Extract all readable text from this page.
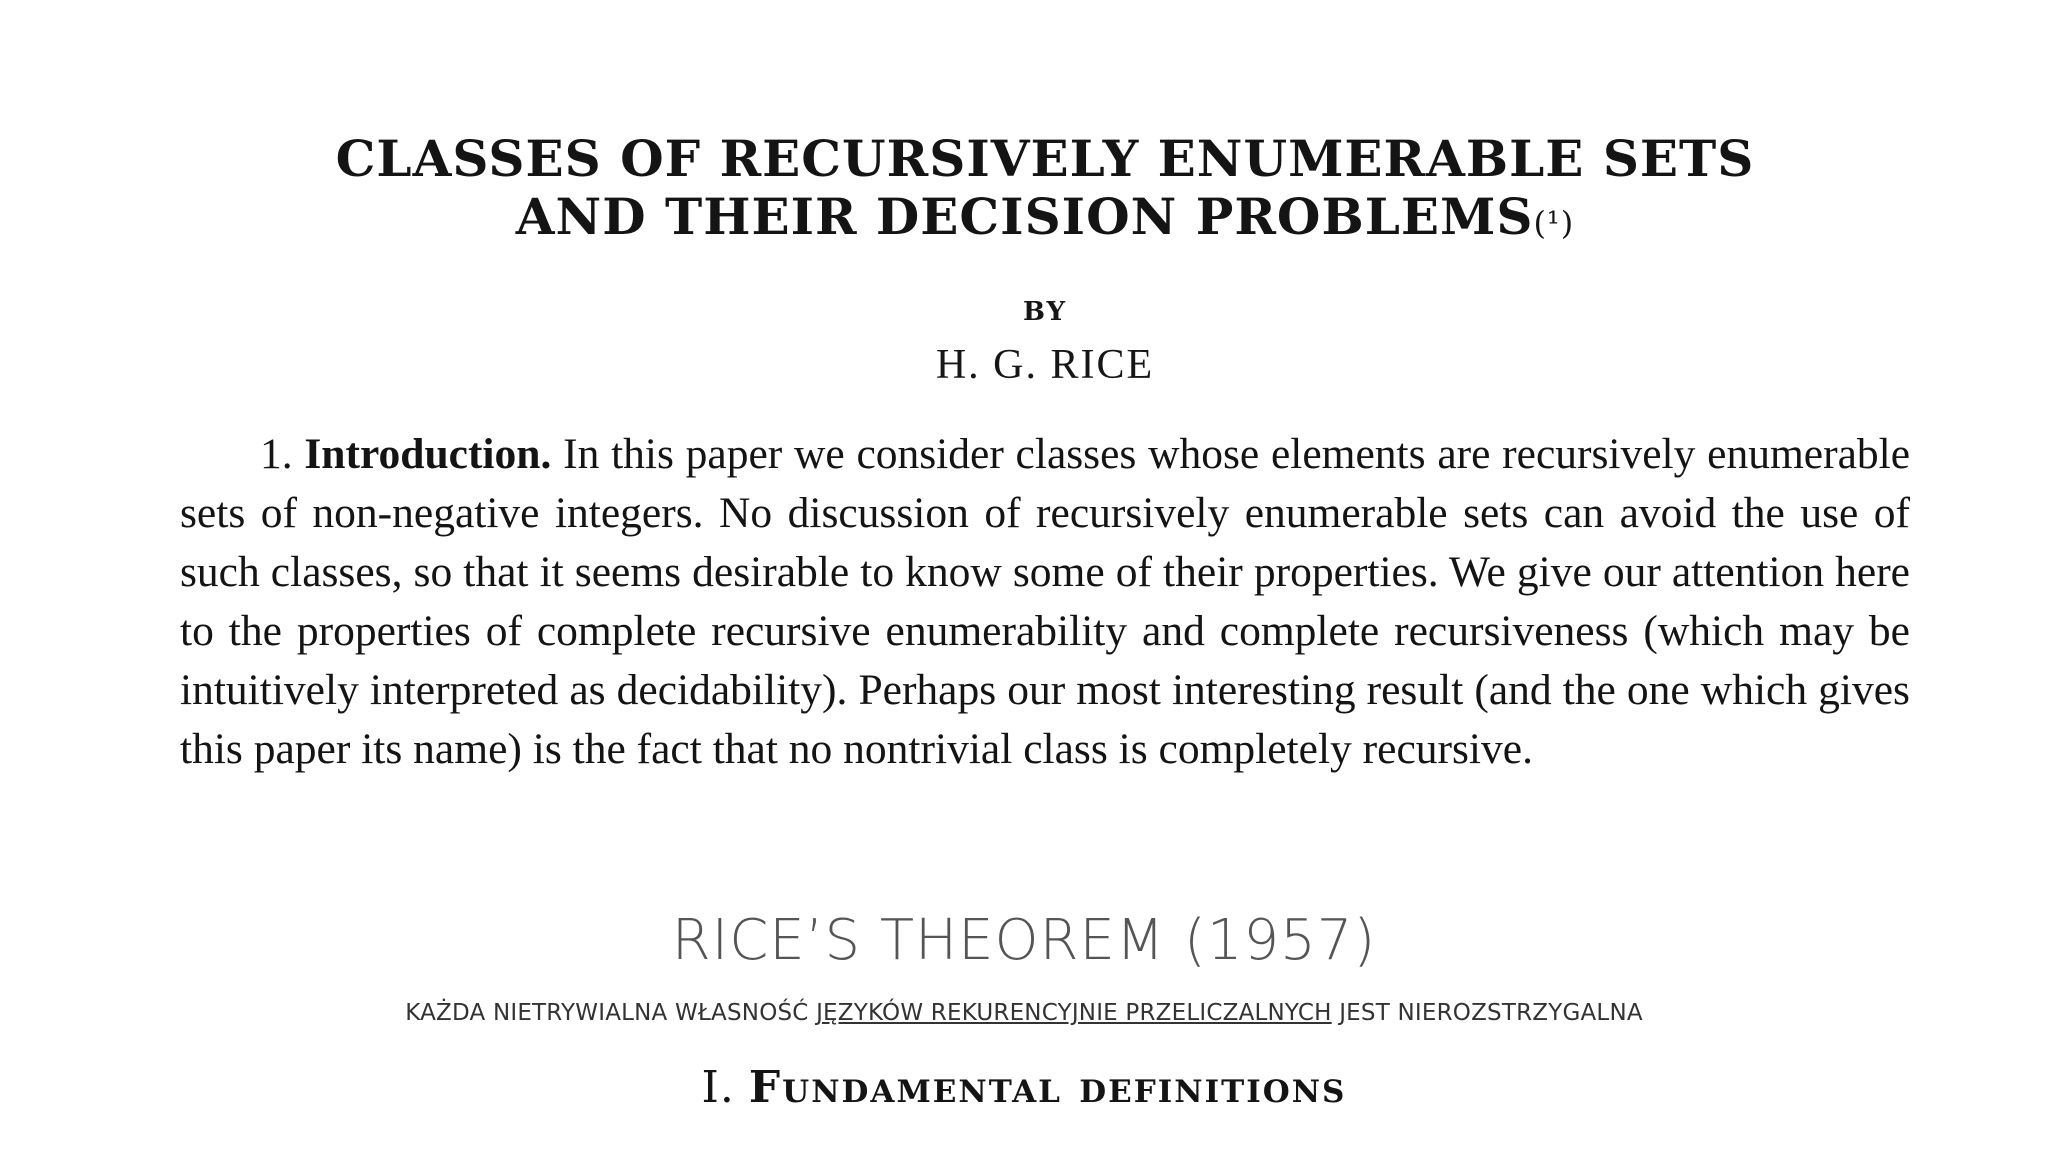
CLASSES OF RECURSIVELY ENUMERABLE SETS
AND THEIR DECISION PROBLEMS(¹)
BY
H. G. RICE

1. Introduction. In this paper we consider classes whose elements are recursively enumerable sets of non-negative integers. No discussion of recursively enumerable sets can avoid the use of such classes, so that it seems desirable to know some of their properties. We give our attention here to the properties of complete recursive enumerability and complete recursiveness (which may be intuitively interpreted as decidability). Perhaps our most interesting result (and the one which gives this paper its name) is the fact that no nontrivial class is completely recursive.

RICE’S THEOREM (1957)
KAŻDA NIETRYWIALNA WŁASNOŚĆ JĘZYKÓW REKURENCYJNIE PRZELICZALNYCH JEST NIEROZSTRZYGALNA
I. Fundamental definitions
